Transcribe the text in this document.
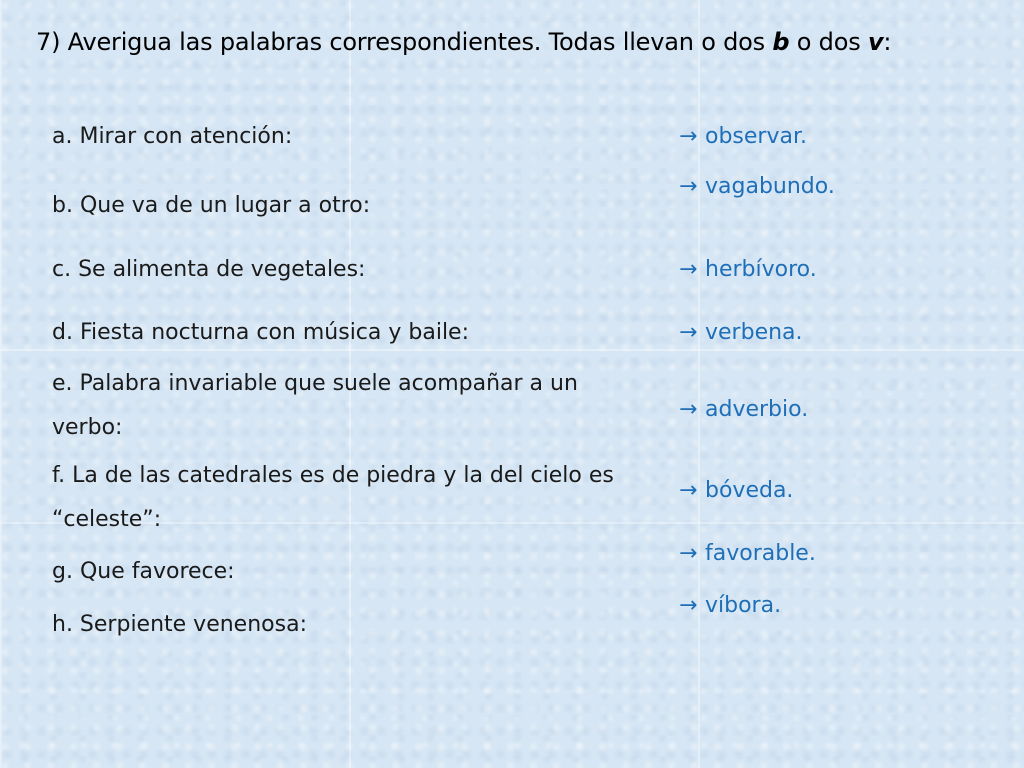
7) Averigua las palabras correspondientes. Todas llevan o dos b o dos v:
a. Mirar con atención:
b. Que va de un lugar a otro:
c. Se alimenta de vegetales:
d. Fiesta nocturna con música y baile:
e. Palabra invariable que suele acompañar a un verbo:
f. La de las catedrales es de piedra y la del cielo es “celeste”:
g. Que favorece:
h. Serpiente venenosa:
→ observar.
→ vagabundo.
→ herbívoro.
→ verbena.
→ adverbio.
→ bóveda.
→ favorable.
→ víbora.
